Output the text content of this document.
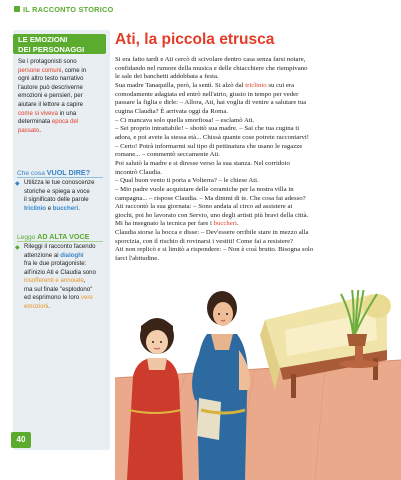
IL RACCONTO STORICO
LE EMOZIONI
DEI PERSONAGGI
Se i protagonisti sono
persone comuni, come in
ogni altro testo narrativo
l'autore può descriverne
emozioni e pensieri, per
aiutare il lettore a capire
come si viveva in una
determinata epoca del
passato.
Che cosa VUOL DIRE?
◆ Utilizza le tue conoscenze
storiche e spiega a voce
il significato delle parole
triclinio e buccheri.
Leggo AD ALTA VOCE
◆ Rileggi il racconto facendo
attenzione ai dialoghi
fra le due protagoniste:
all'inizio Ati e Claudia sono
insofferenti e annoiate,
ma sul finale "esplodono"
ed esprimono le loro vere
emozioni.
Ati, la piccola etrusca

Si era fatto tardi e Ati cercò di scivolare dentro casa senza farsi notare,

confidando nel rumore della musica e delle chiacchiere che riempivano

le sale dei banchetti addobbata a festa.

Sua madre Tanaquilla, però, la sentì. Si alzò dal triclinio su cui era

comodamente adagiata ed entrò nell'atrio, giusto in tempo per veder

passare la figlia e dirle: – Allora, Ati, hai voglia di venire a salutare tua

cugina Claudia? È arrivata oggi da Roma.

– Ci mancava solo quella smorfiosa! – esclamò Ati.

– Sei proprio intrattabile! – sbottò sua madre. – Sai che tua cugina ti

adora, e poi avete la stessa età... Chissà quante cose potrete raccontarvi!

– Certo! Potrà informarmi sul tipo di pettinatura che usano le ragazze

romane... – commentò seccamente Ati.

Poi salutò la madre e si diresse verso la sua stanza. Nel corridoio

incontrò Claudia.

– Qual buon vento ti porta a Volterra? – le chiese Ati.

– Mio padre vuole acquistare delle ceramiche per la nostra villa in

campagna... – rispose Claudia. – Ma dimmi di te. Che cosa fai adesso?

Ati raccontò la sua giornata: – Sono andata al circo ad assistere ai

giochi, poi ho lavorato con Servio, uno degli artisti più bravi della città.

Mi ha insegnato la tecnica per fare i buccheri.

Claudia storse la bocca e disse: – Dev'essere orribile stare in mezzo alla

sporcizia, con il rischio di rovinarsi i vestiti! Come fai a resistere?

Ati non replicò e si limitò a rispondere: – Non è così brutto. Bisogna solo

farci l'abitudine.

40
